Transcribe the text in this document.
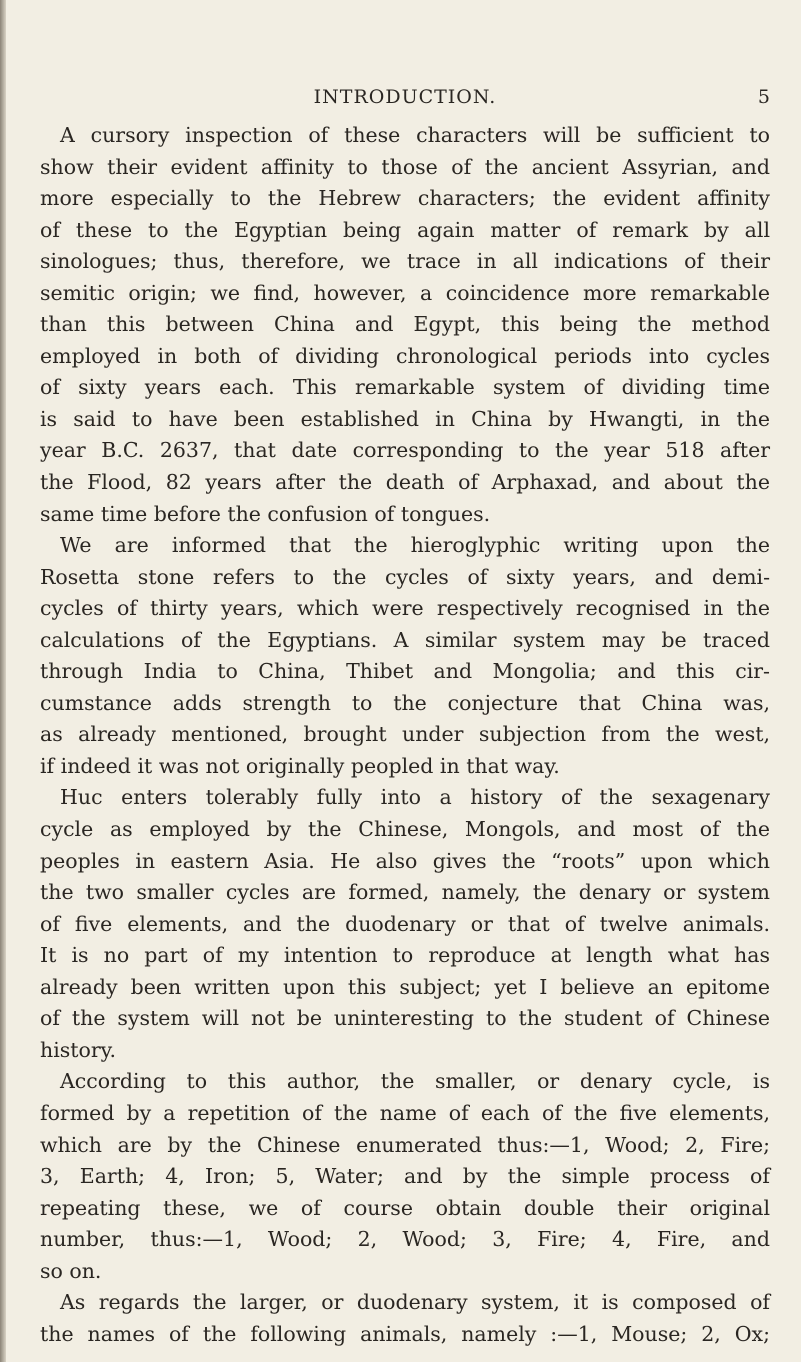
INTRODUCTION.	5
A cursory inspection of these characters will be sufficient to
show their evident affinity to those of the ancient Assyrian, and
more especially to the Hebrew characters; the evident affinity
of these to the Egyptian being again matter of remark by all
sinologues; thus, therefore, we trace in all indications of their
semitic origin; we find, however, a coincidence more remarkable
than this between China and Egypt, this being the method
employed in both of dividing chronological periods into cycles
of sixty years each. This remarkable system of dividing time
is said to have been established in China by Hwangti, in the
year B.C. 2637, that date corresponding to the year 518 after
the Flood, 82 years after the death of Arphaxad, and about the
same time before the confusion of tongues.
We are informed that the hieroglyphic writing upon the
Rosetta stone refers to the cycles of sixty years, and demi-
cycles of thirty years, which were respectively recognised in the
calculations of the Egyptians. A similar system may be traced
through India to China, Thibet and Mongolia; and this cir-
cumstance adds strength to the conjecture that China was,
as already mentioned, brought under subjection from the west,
if indeed it was not originally peopled in that way.
Huc enters tolerably fully into a history of the sexagenary
cycle as employed by the Chinese, Mongols, and most of the
peoples in eastern Asia. He also gives the “roots” upon which
the two smaller cycles are formed, namely, the denary or system
of five elements, and the duodenary or that of twelve animals.
It is no part of my intention to reproduce at length what has
already been written upon this subject; yet I believe an epitome
of the system will not be uninteresting to the student of Chinese
history.
According to this author, the smaller, or denary cycle, is
formed by a repetition of the name of each of the five elements,
which are by the Chinese enumerated thus:—1, Wood; 2, Fire;
3, Earth; 4, Iron; 5, Water; and by the simple process of
repeating these, we of course obtain double their original
number, thus:—1, Wood; 2, Wood; 3, Fire; 4, Fire, and
so on.
As regards the larger, or duodenary system, it is composed of
the names of the following animals, namely :—1, Mouse; 2, Ox;
